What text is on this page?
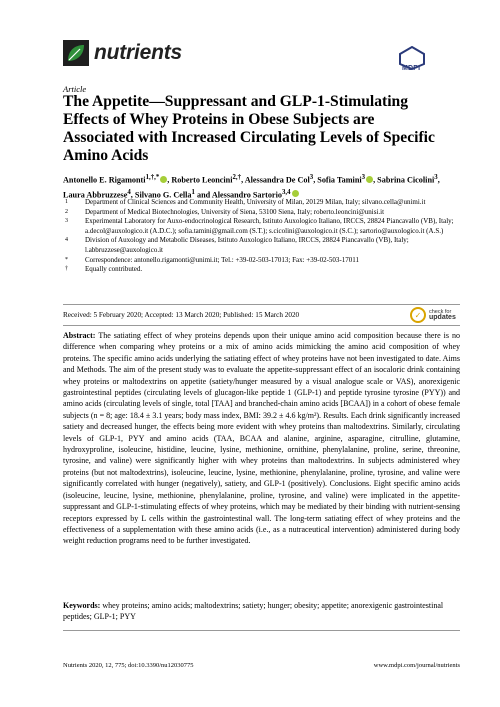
nutrients
MDPI
Article
The Appetite—Suppressant and GLP-1-Stimulating Effects of Whey Proteins in Obese Subjects are Associated with Increased Circulating Levels of Specific Amino Acids
Antonello E. Rigamonti$^{1,\dagger,*}$ , Roberto Leoncini$^{2,\dagger}$, Alessandra De Col$^3$, Sofia Tamini$^3$ , Sabrina Cicolini$^3$, Laura Abbruzzese$^4$, Silvano G. Cella$^1$ and Alessandro Sartorio$^{3,4}$
1	Department of Clinical Sciences and Community Health, University of Milan, 20129 Milan, Italy; silvano.cella@unimi.it
2	Department of Medical Biotechnologies, University of Siena, 53100 Siena, Italy; roberto.leoncini@unisi.it
3	Experimental Laboratory for Auxo-endocrinological Research, Istituto Auxologico Italiano, IRCCS, 28824 Piancavallo (VB), Italy; a.decol@auxologico.it (A.D.C.); sofia.tamini@gmail.com (S.T.); s.cicolini@auxologico.it (S.C.); sartorio@auxologico.it (A.S.)
4	Division of Auxology and Metabolic Diseases, Istituto Auxologico Italiano, IRCCS, 28824 Piancavallo (VB), Italy; l.abbruzzese@auxologico.it
*	Correspondence: antonello.rigamonti@unimi.it; Tel.: +39-02-503-17013; Fax: +39-02-503-17011
†	Equally contributed.
Received: 5 February 2020; Accepted: 13 March 2020; Published: 15 March 2020	✓	check for
updates

Abstract: The satiating effect of whey proteins depends upon their unique amino acid composition because there is no difference when comparing whey proteins or a mix of amino acids mimicking the amino acid composition of whey proteins. The specific amino acids underlying the satiating effect of whey proteins have not been investigated to date. Aims and Methods. The aim of the present study was to evaluate the appetite-suppressant effect of an isocaloric drink containing whey proteins or maltodextrins on appetite (satiety/hunger measured by a visual analogue scale or VAS), anorexigenic gastrointestinal peptides (circulating levels of glucagon-like peptide 1 (GLP-1) and peptide tyrosine tyrosine (PYY)) and amino acids (circulating levels of single, total [TAA] and branched-chain amino acids [BCAA]) in a cohort of obese female subjects (n = 8; age: 18.4 ± 3.1 years; body mass index, BMI: 39.2 ± 4.6 kg/m²). Results. Each drink significantly increased satiety and decreased hunger, the effects being more evident with whey proteins than maltodextrins. Similarly, circulating levels of GLP-1, PYY and amino acids (TAA, BCAA and alanine, arginine, asparagine, citrulline, glutamine, hydroxyproline, isoleucine, histidine, leucine, lysine, methionine, ornithine, phenylalanine, proline, serine, threonine, tyrosine, and valine) were significantly higher with whey proteins than maltodextrins. In subjects administered whey proteins (but not maltodextrins), isoleucine, leucine, lysine, methionine, phenylalanine, proline, tyrosine, and valine were significantly correlated with hunger (negatively), satiety, and GLP-1 (positively). Conclusions. Eight specific amino acids (isoleucine, leucine, lysine, methionine, phenylalanine, proline, tyrosine, and valine) were implicated in the appetite-suppressant and GLP-1-stimulating effects of whey proteins, which may be mediated by their binding with nutrient-sensing receptors expressed by L cells within the gastrointestinal wall. The long-term satiating effect of whey proteins and the effectiveness of a supplementation with these amino acids (i.e., as a nutraceutical intervention) administered during body weight reduction programs need to be further investigated.

Keywords: whey proteins; amino acids; maltodextrins; satiety; hunger; obesity; appetite; anorexigenic gastrointestinal peptides; GLP-1; PYY

Nutrients 2020, 12, 775; doi:10.3390/nu12030775	www.mdpi.com/journal/nutrients
